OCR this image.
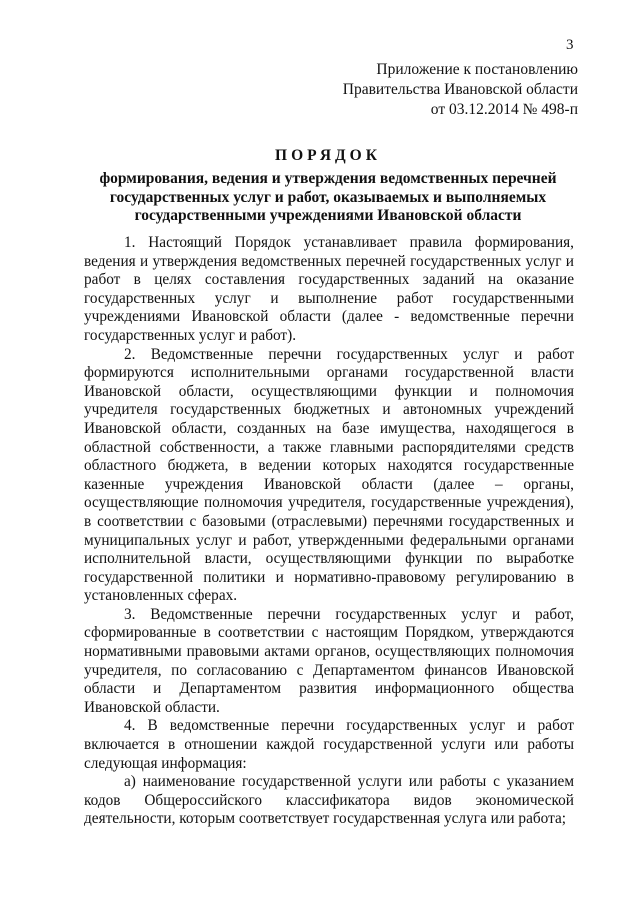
3
Приложение к постановлению
Правительства Ивановской области
от 03.12.2014 № 498-п
ПОРЯДОК
формирования, ведения и утверждения ведомственных перечней
государственных услуг и работ, оказываемых и выполняемых
государственными учреждениями Ивановской области
1. Настоящий Порядок устанавливает правила формирования,
ведения и утверждения ведомственных перечней государственных услуг и
работ в целях составления государственных заданий на оказание
государственных услуг и выполнение работ государственными
учреждениями Ивановской области (далее - ведомственные перечни
государственных услуг и работ).
2. Ведомственные перечни государственных услуг и работ
формируются исполнительными органами государственной власти
Ивановской области, осуществляющими функции и полномочия
учредителя государственных бюджетных и автономных учреждений
Ивановской области, созданных на базе имущества, находящегося в
областной собственности, а также главными распорядителями средств
областного бюджета, в ведении которых находятся государственные
казенные учреждения Ивановской области (далее – органы,
осуществляющие полномочия учредителя, государственные учреждения),
в соответствии с базовыми (отраслевыми) перечнями государственных и
муниципальных услуг и работ, утвержденными федеральными органами
исполнительной власти, осуществляющими функции по выработке
государственной политики и нормативно-правовому регулированию в
установленных сферах.
3. Ведомственные перечни государственных услуг и работ,
сформированные в соответствии с настоящим Порядком, утверждаются
нормативными правовыми актами органов, осуществляющих полномочия
учредителя, по согласованию с Департаментом финансов Ивановской
области и Департаментом развития информационного общества
Ивановской области.
4. В ведомственные перечни государственных услуг и работ
включается в отношении каждой государственной услуги или работы
следующая информация:
а) наименование государственной услуги или работы с указанием
кодов Общероссийского классификатора видов экономической
деятельности, которым соответствует государственная услуга или работа;
